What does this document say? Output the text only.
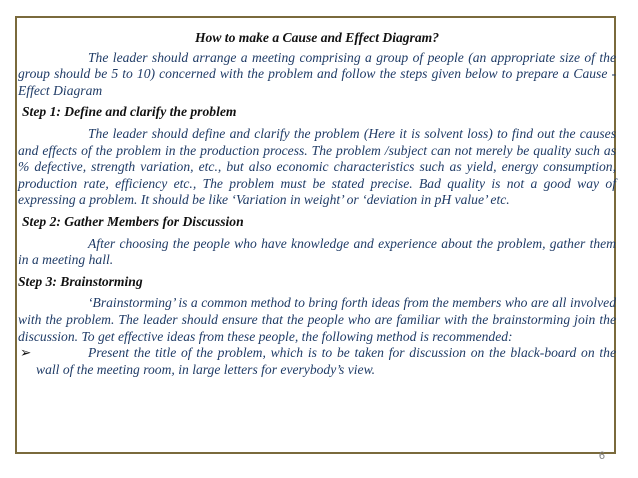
How to make a Cause and Effect Diagram?

The leader should arrange a meeting comprising a group of people (an appropriate size of the group should be 5 to 10) concerned with the problem and follow the steps given below to prepare a Cause - Effect Diagram

Step 1: Define and clarify the problem

The leader should define and clarify the problem (Here it is solvent loss) to find out the causes and effects of the problem in the production process. The problem /subject can not merely be quality such as % defective, strength variation, etc., but also economic characteristics such as yield, energy consumption, production rate, efficiency etc., The problem must be stated precise. Bad quality is not a good way of expressing a problem. It should be like ‘Variation in weight’ or ‘deviation in pH value’ etc.

Step 2: Gather Members for Discussion

After choosing the people who have knowledge and experience about the problem, gather them in a meeting hall.

Step 3: Brainstorming

‘Brainstorming’ is a common method to bring forth ideas from the members who are all involved with the problem. The leader should ensure that the people who are familiar with the brainstorming join the discussion. To get effective ideas from these people, the following method is recommended:

➢	Present the title of the problem, which is to be taken for discussion on the black-board on the wall of the meeting room, in large letters for everybody’s view.
6
